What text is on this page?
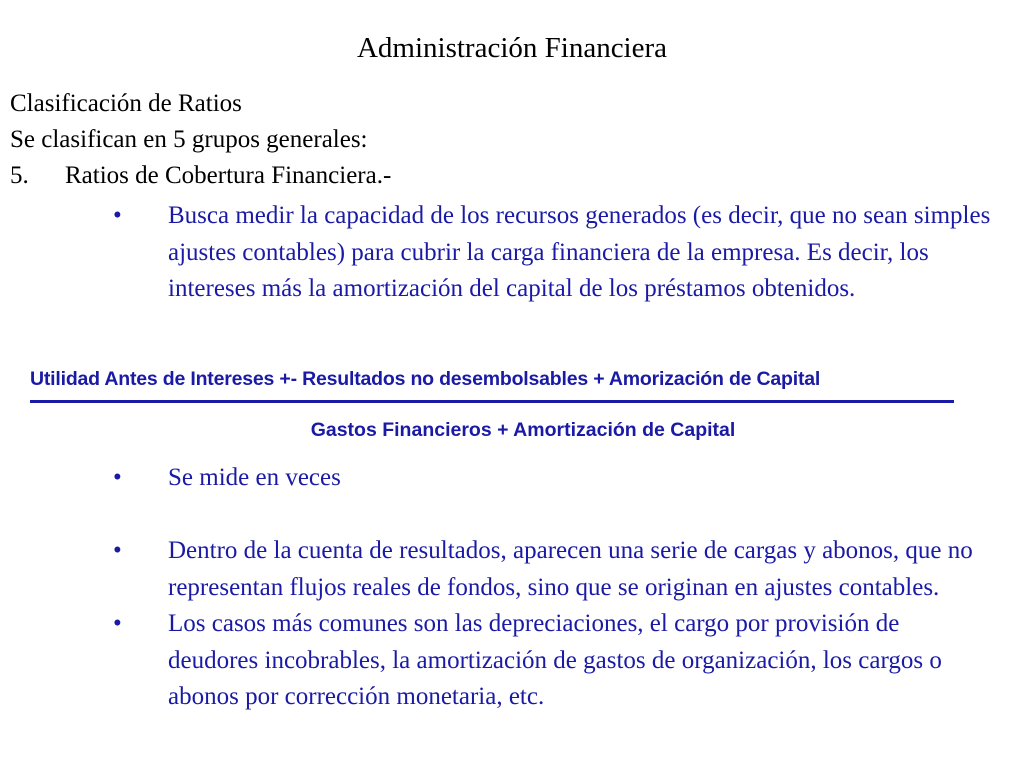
Administración Financiera
Clasificación de Ratios
Se clasifican en 5 grupos generales:
5.	Ratios de Cobertura Financiera.-
•	Busca medir la capacidad de los recursos generados (es decir, que no sean simples ajustes contables) para cubrir la carga financiera de la empresa. Es decir, los intereses más la amortización del capital de los préstamos obtenidos.
Utilidad Antes de Intereses +- Resultados no desembolsables + Amorización de Capital
Gastos Financieros + Amortización de Capital
•	Se mide en veces
•	Dentro de la cuenta de resultados, aparecen una serie de cargas y abonos, que no representan flujos reales de fondos, sino que se originan en ajustes contables.
•	Los casos más comunes son las depreciaciones, el cargo por provisión de deudores incobrables, la amortización de gastos de organización, los cargos o abonos por corrección monetaria, etc.
